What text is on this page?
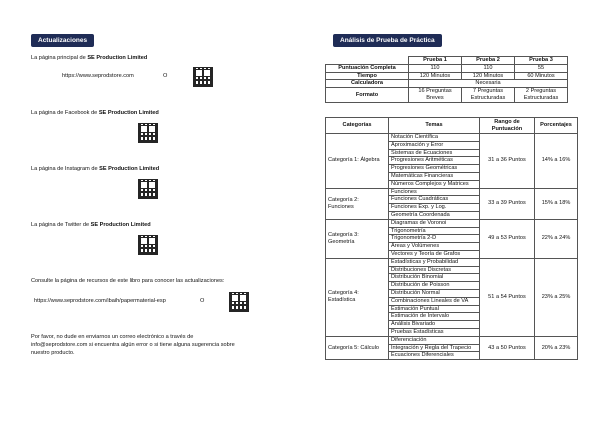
Actualizaciones
La página principal de SE Production Limited
https://www.seprodstore.com	O
La página de Facebook de SE Production Limited
La página de Instagram de SE Production Limited
La página de Twitter de SE Production Limited
Consulte la página de recursos de este libro para conocer las actualizaciones:
https://www.seprodstore.com/ibaih/papermaterial-esp	O
Por favor, no dude en enviarnos un correo electrónico a través de
info@seprodstore.com si encuentra algún error o si tiene alguna sugerencia sobre
nuestro producto.
Análisis de Prueba de Práctica
	Prueba 1	Prueba 2	Prueba 3
Puntuación Completa	110	110	55
Tiempo	120 Minutos	120 Minutos	60 Minutos
Calculadora	Necesaria		
Formato	16 Preguntas Breves	7 Preguntas Estructuradas	2 Preguntas Estructuradas
Categorías	Temas	Rango de Puntuación	Porcentajes
Categoría 1: Álgebra	Notación Científica	31 a 36 Puntos	14% a 16%
	Aproximación y Error		
	Sistemas de Ecuaciones		
	Progresiones Aritméticas		
	Progresiones Geométricas		
	Matemáticas Financieras		
	Números Complejos y Matrices		
Categoría 2: Funciones	Funciones	33 a 39 Puntos	15% a 18%
	Funciones Cuadráticas		
	Funciones Exp. y Log.		
	Geometría Coordenada		
Categoría 3: Geometría	Diagramas de Voronoi	49 a 53 Puntos	22% a 24%
	Trigonometría		
	Trigonometría 2-D		
	Áreas y Volúmenes		
	Vectores y Teoría de Grafos		
Categoría 4: Estadística	Estadísticas y Probabilidad	51 a 54 Puntos	23% a 25%
	Distribuciones Discretas		
	Distribución Binomial		
	Distribución de Poisson		
	Distribución Normal		
	Combinaciones Lineales de VA		
	Estimación Puntual		
	Estimación de Intervalo		
	Análisis Bivariado		
	Pruebas Estadísticas		
Categoría 5: Cálculo	Diferenciación	43 a 50 Puntos	20% a 23%
	Integración y Regla del Trapecio		
	Ecuaciones Diferenciales		
